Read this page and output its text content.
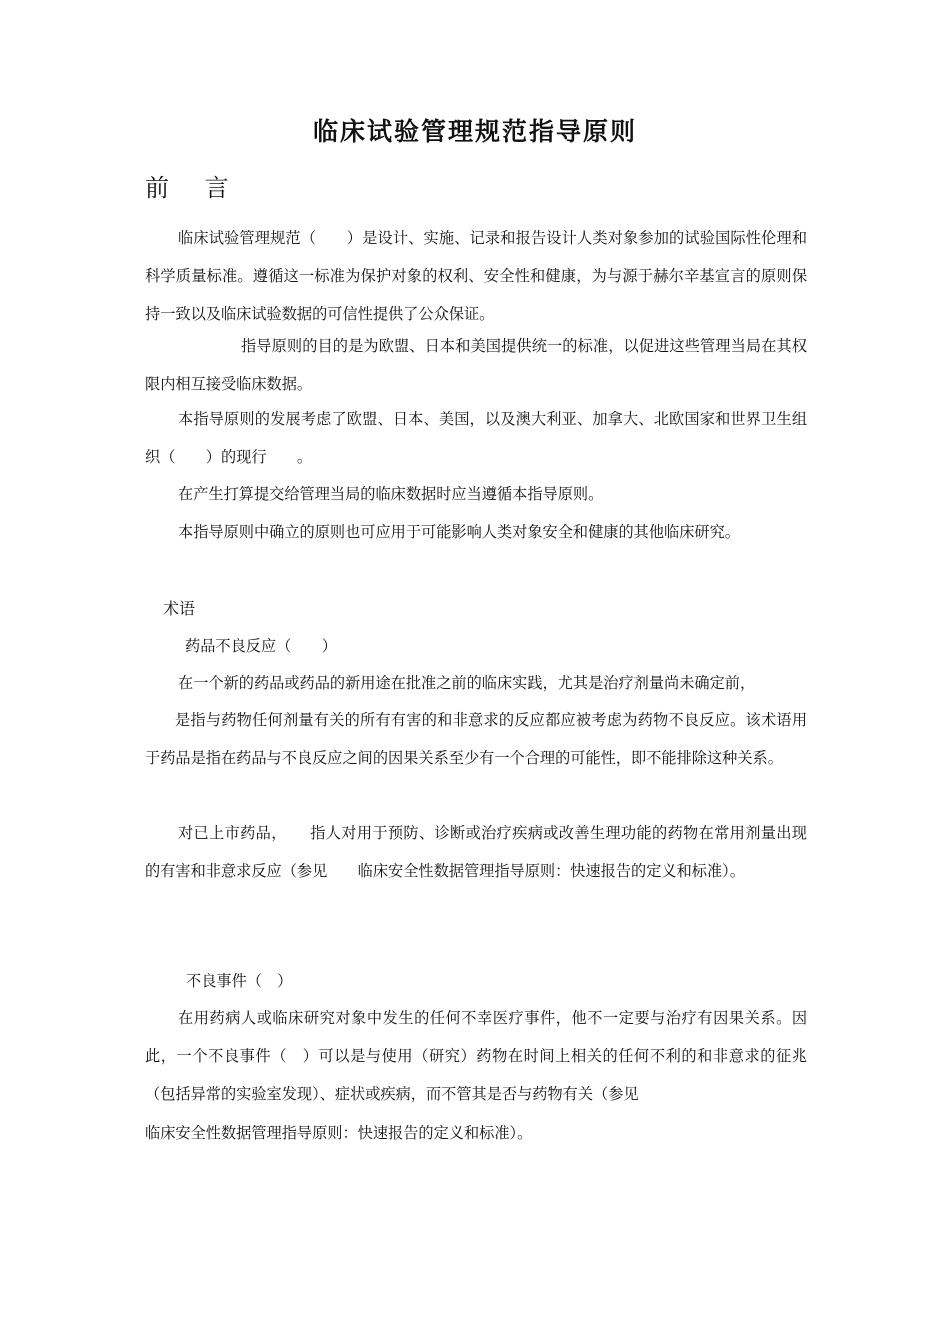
临床试验管理规范指导原则
前 言

临床试验管理规范（　　）是设计、实施、记录和报告设计人类对象参加的试验国际性伦理和科学质量标准。遵循这一标准为保护对象的权利、安全性和健康，为与源于赫尔辛基宣言的原则保持一致以及临床试验数据的可信性提供了公众保证。

指导原则的目的是为欧盟、日本和美国提供统一的标准，以促进这些管理当局在其权限内相互接受临床数据。

本指导原则的发展考虑了欧盟、日本、美国，以及澳大利亚、加拿大、北欧国家和世界卫生组织（　　）的现行　　。

在产生打算提交给管理当局的临床数据时应当遵循本指导原则。

本指导原则中确立的原则也可应用于可能影响人类对象安全和健康的其他临床研究。

术语

药品不良反应（　　）

在一个新的药品或药品的新用途在批准之前的临床实践，尤其是治疗剂量尚未确定前，

是指与药物任何剂量有关的所有有害的和非意求的反应都应被考虑为药物不良反应。该术语用于药品是指在药品与不良反应之间的因果关系至少有一个合理的可能性，即不能排除这种关系。

对已上市药品，　　指人对用于预防、诊断或治疗疾病或改善生理功能的药物在常用剂量出现的有害和非意求反应（参见　　临床安全性数据管理指导原则：快速报告的定义和标准）。

不良事件（　）

在用药病人或临床研究对象中发生的任何不幸医疗事件，他不一定要与治疗有因果关系。因此，一个不良事件（　）可以是与使用（研究）药物在时间上相关的任何不利的和非意求的征兆（包括异常的实验室发现）、症状或疾病，而不管其是否与药物有关（参见

临床安全性数据管理指导原则：快速报告的定义和标准）。
